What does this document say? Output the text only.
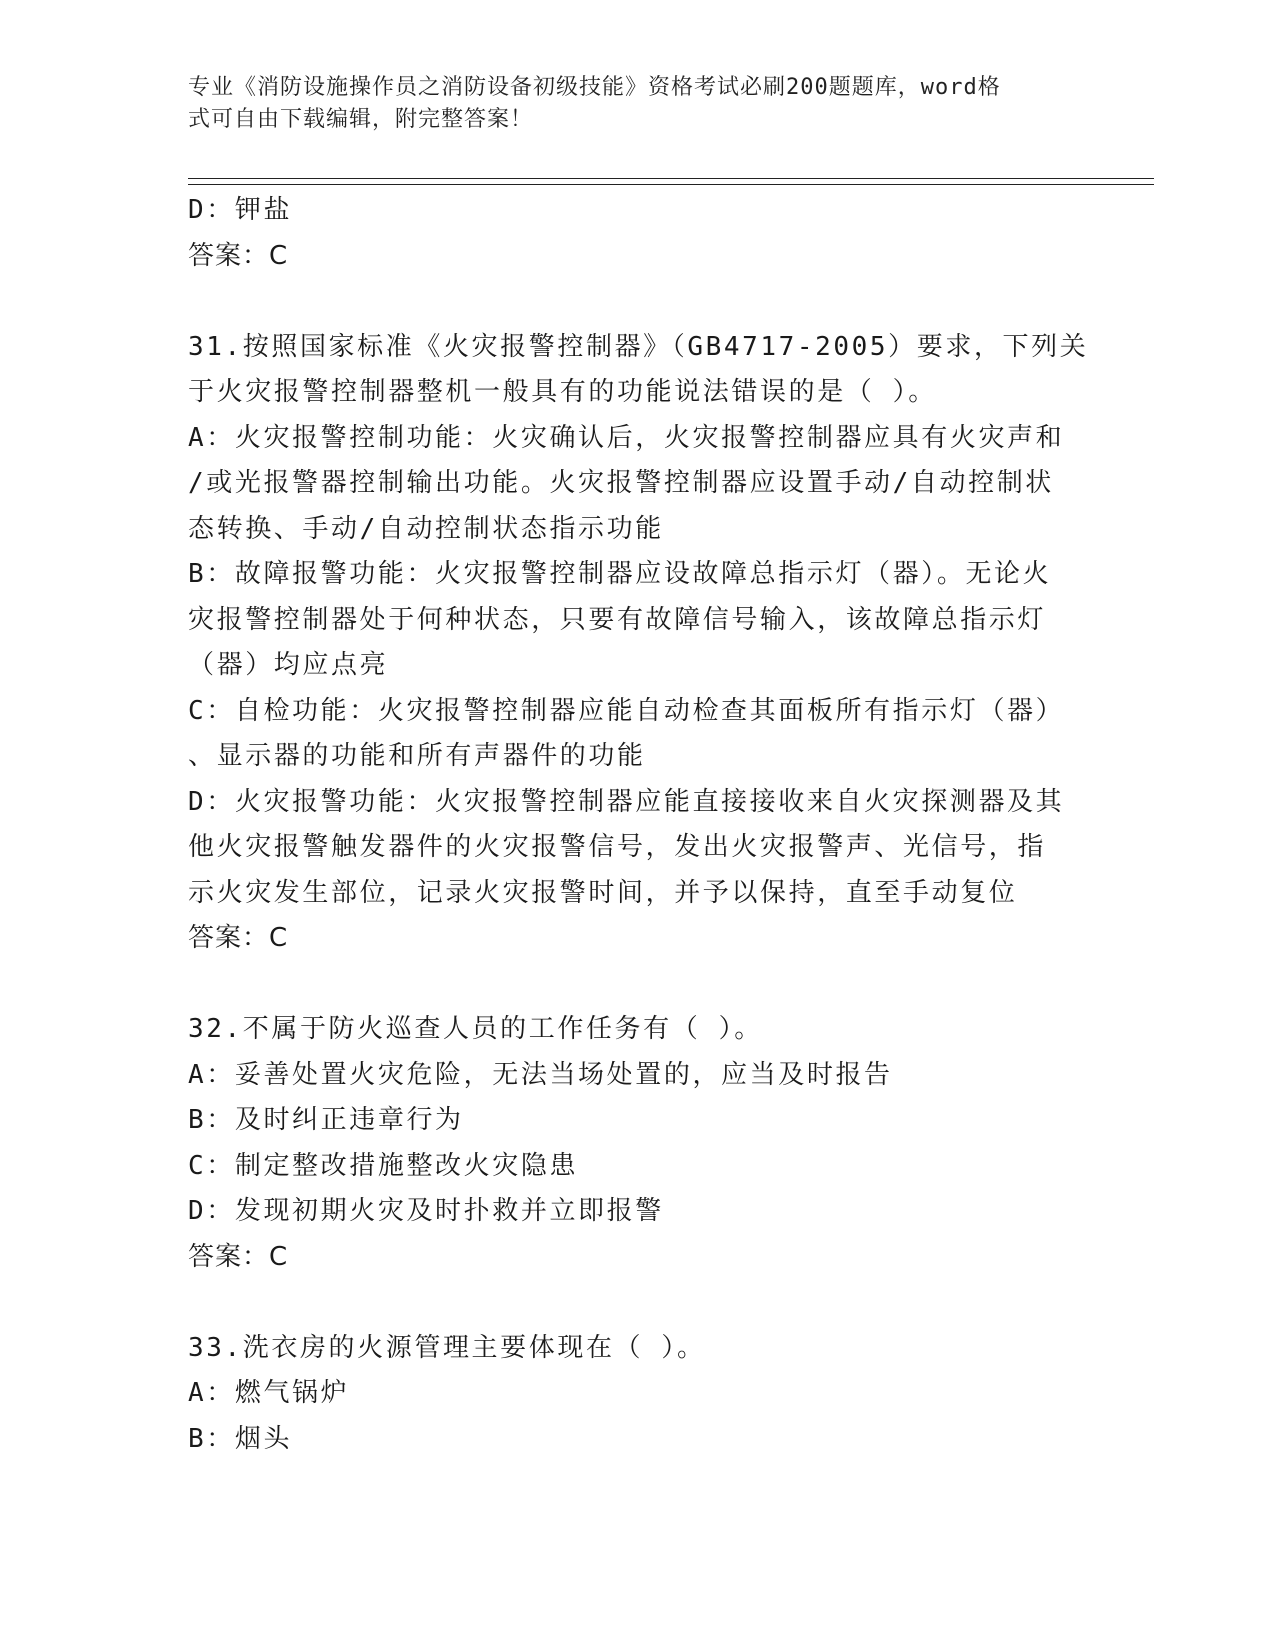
专业《消防设施操作员之消防设备初级技能》资格考试必刷200题题库，word格
式可自由下载编辑，附完整答案！
D：钾盐
答案：C
31.按照国家标准《火灾报警控制器》（GB4717-2005）要求，下列关
于火灾报警控制器整机一般具有的功能说法错误的是（ ）。
A：火灾报警控制功能：火灾确认后，火灾报警控制器应具有火灾声和
/或光报警器控制输出功能。火灾报警控制器应设置手动/自动控制状
态转换、手动/自动控制状态指示功能
B：故障报警功能：火灾报警控制器应设故障总指示灯（器）。无论火
灾报警控制器处于何种状态，只要有故障信号输入，该故障总指示灯
（器）均应点亮
C：自检功能：火灾报警控制器应能自动检查其面板所有指示灯（器）
、显示器的功能和所有声器件的功能
D：火灾报警功能：火灾报警控制器应能直接接收来自火灾探测器及其
他火灾报警触发器件的火灾报警信号，发出火灾报警声、光信号，指
示火灾发生部位，记录火灾报警时间，并予以保持，直至手动复位
答案：C
32.不属于防火巡查人员的工作任务有（ ）。
A：妥善处置火灾危险，无法当场处置的，应当及时报告
B：及时纠正违章行为
C：制定整改措施整改火灾隐患
D：发现初期火灾及时扑救并立即报警
答案：C
33.洗衣房的火源管理主要体现在（ ）。
A：燃气锅炉
B：烟头
